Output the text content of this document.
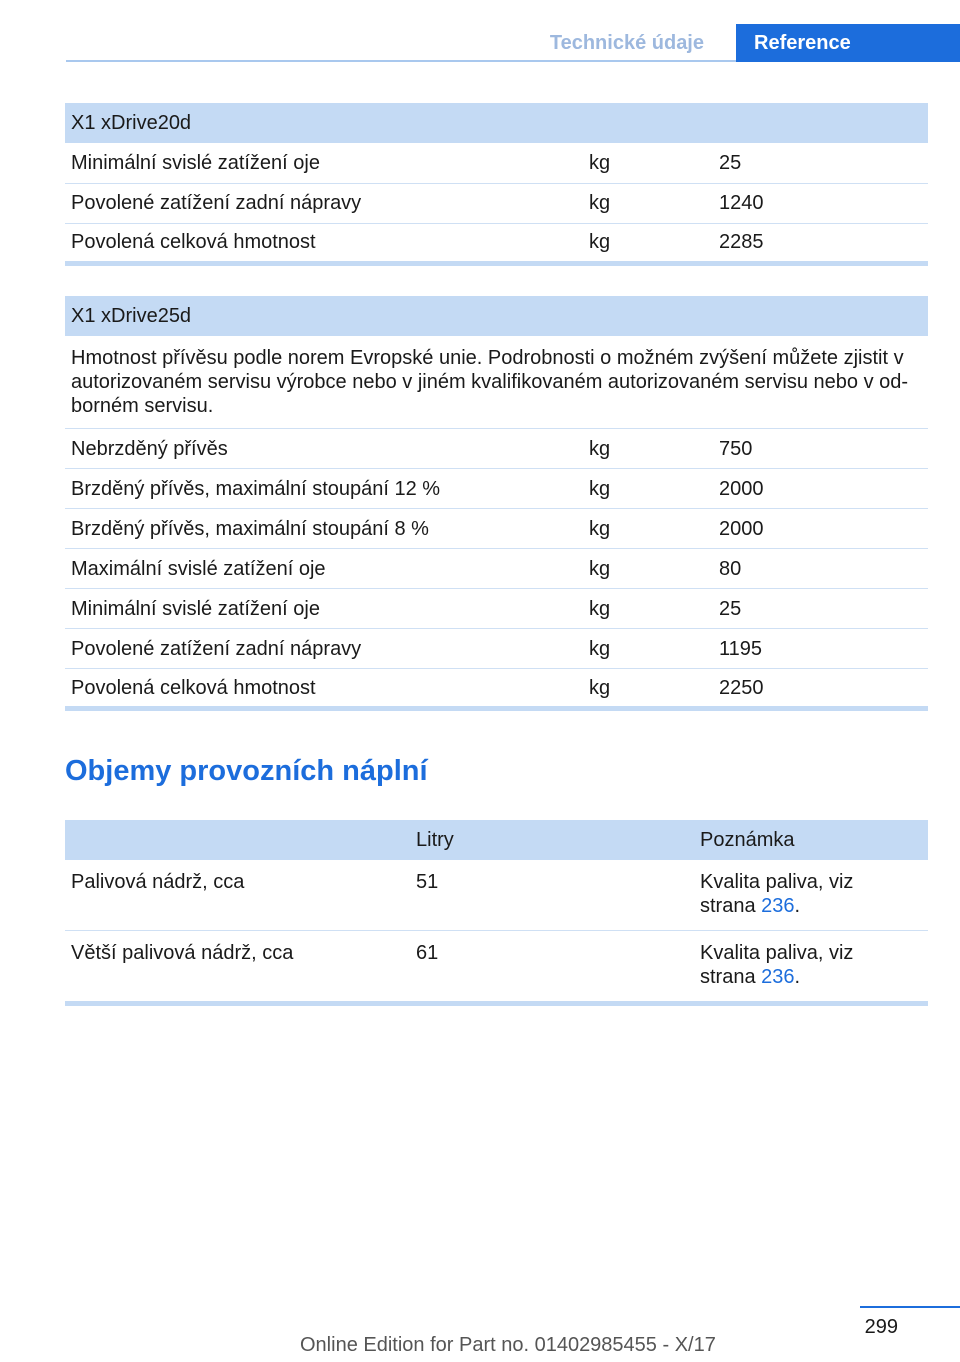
Technické údaje	Reference
X1 xDrive20d		
Minimální svislé zatížení oje	kg	25
Povolené zatížení zadní nápravy	kg	1240
Povolená celková hmotnost	kg	2285
X1 xDrive25d		
Hmotnost přívěsu podle norem Evropské unie. Podrobnosti o možném zvýšení můžete zjistit v autorizovaném servisu výrobce nebo v jiném kvalifikovaném autorizovaném servisu nebo v od-borném servisu.		
Nebrzděný přívěs	kg	750
Brzděný přívěs, maximální stoupání 12 %	kg	2000
Brzděný přívěs, maximální stoupání 8 %	kg	2000
Maximální svislé zatížení oje	kg	80
Minimální svislé zatížení oje	kg	25
Povolené zatížení zadní nápravy	kg	1195
Povolená celková hmotnost	kg	2250
Objemy provozních náplní
	Litry	Poznámka
Palivová nádrž, cca	51	Kvalita paliva, viz
strana 236.
Větší palivová nádrž, cca	61	Kvalita paliva, viz
strana 236.
299
Online Edition for Part no. 01402985455 - X/17
